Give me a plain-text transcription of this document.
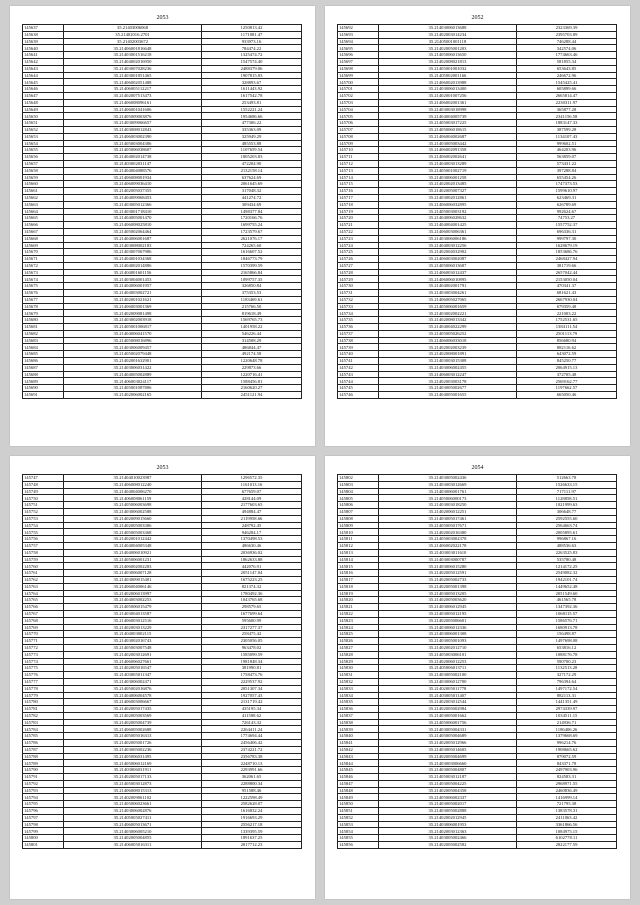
2053
145637	35.21403006068	1250813.42
145638	35.21402016.2701	1171081.47
145639	35.21402003672	933973.16
145640	35.21406001816648	784474.22
145641	35.21403001516218	1325474.72
145642	35.21404002016950	1547574.40
145643	35.21403007028236	2488379.06
145644	35.21403001851465	1907815.83
145645	35.21406002051488	328893.67
145646	35.21406005112217	1611443.92
145647	35.21402007513473	1617542.78
145648	35.21406008096161	253493.81
145649	35.21406001041606	1552221.24
145650	35.21405009003876	1954686.66
145651	35.21403009066657	477306.22
145652	35.21403008012843	335363.09
145653	35.21406003002390	325949.29
145654	35.21405003004306	485553.88
145655	35.21405006038607	1107659.54
145656	35.21404002014738	1805203.83
145657	35.21403002031147	472204.90
145658	35.21404004088576	2132158.14
145659	35.21406008001934	637624.69
145660	35.21406009036410	2061645.69
145661	35.21402005037355	317048.32
145662	35.21404009068453	441274.72
145663	35.21403005012366	309434.69
145664	35.21403001718410	1498377.84
145665	35.21404005001470	1720166.76
145666	35.21406008025810	1699755.24
145667	35.21405002064464	1723579.67
145668	35.21404006001687	2621076.17
145669	35.21403008002183	724265.60
145670	35.21403007067986	1616607.52
145671	35.21404001034368	1846773.79
145672	35.21404002014886	1570399.59
145673	35.21404001601156	2165866.84
145674	35.21403004001453	1099757.35
145675	35.21404006001957	326850.84
145676	35.21404003002721	375353.53
145677	35.21402001021621	1183469.61
145678	35.21406003001369	215766.50
145679	35.21402009081498	819618.49
145680	35.21403002003918	1569765.73
145681	35.21405001006817	1401958.22
145682	35.21404006041570	546226.44
145683	35.21405008016896	314508.29
145684	35.21403006009457	486844.47
145685	35.21405002079448	492174.58
145686	35.21402001632901	1220648.78
145687	35.21403006031422	229873.66
145688	35.21404005002889	1220716.41
145689	35.21406003024117	1588456.81
145690	35.21405001087806	2160620.27
145691	35.21402006002165	2451121.94
2052
145692	35.21403006013688	2323369.39
145693	35.21402003014234	2395703.89
145694	35.21405001001118	746288.44
145695	35.21402005001203	342574.06
145696	35.21405006013650	1774663.46
145697	35.21402008021813	581855.34
145698	35.21405001001032	653643.85
145699	35.21405002001166	246672.96
145700	35.21406002013988	1545425.41
145701	35.21403006013400	605899.66
145702	35.21402001007256	2665814.47
145703	35.21406002001361	2230311.97
145704	35.21403003018998	365877.28
145705	35.21404004005739	2341156.58
145706	35.21405003017225	1883147.33
145707	35.21405006018615	387599.28
145708	35.21406004002687	1134107.43
145709	35.21403005003442	999602.51
145710	35.21406002091358	464203.96
145711	35.21406002002641	563859.07
145712	35.21404003013289	573431.22
145713	35.21405001002719	397288.84
145714	35.21403006001258	655454.26
145715	35.21402002013485	1747373.53
145716	35.21402005007327	1599610.97
145717	35.21403002012861	623469.31
145718	35.21406006032895	626789.69
145719	35.21405003003192	992624.67
145720	35.21404006028632	74753.27
145721	35.21404004001425	1557752.37
145722	35.21406003006361	696336.31
145723	35.21403006006186	999797.30
145724	35.21404003012256	1628679.19
145725	35.21402004032902	1853686.76
145726	35.21406003002087	2468427.94
145727	35.21405006013687	381719.66
145728	35.21406003012437	2657042.44
145729	35.21406006010895	2153050.04
145730	35.21404002001791	470341.37
145731	35.21403003004261	681621.43
145732	35.21406005027065	2667930.04
145733	35.21405006001659	679359.48
145734	35.21403002002221	221003.22
145735	35.21402008013342	1752531.65
145736	35.21404004022299	1384111.54
145737	35.21405005026252	2501113.79
145738	35.21406006033018	856680.94
145739	35.21402002003239	882116.62
145740	35.21402008001891	643072.59
145741	35.21403003015308	845250.77
145742	35.21403006002455	2064915.13
145743	35.21406003012247	372705.48
145744	35.21402003003178	2569162.77
145745	35.21403005002677	1197662.57
145746	35.21404005001655	665050.46
2053
145747	35.21404010023987	1296572.35
145748	35.21406008012240	1161013.16
145749	35.21404004006270	677659.07
145750	35.21406008061159	428144.09
145751	35.21405006003698	2177603.65
145752	35.21403006002588	494884.47
145753	35.21402009015660	2119958.66
145754	35.21402005003386	248792.45
145755	35.21405005003368	946284.17
145756	35.21402001012442	1370498.53
145757	35.21404004005348	486630.46
145758	35.21404006010921	2036936.02
145759	35.21405006001231	1862633.88
145760	35.21406002002283	442076.91
145761	35.21403006007128	2051147.04
145762	35.21403009015401	1675223.25
145763	35.21406004006146	821374.32
145764	35.21402006013997	1780492.36
145765	35.21404003002253	1043765.68
145766	35.21405006015479	298579.65
145767	35.21403004013587	1677699.64
145768	35.21406003012516	595600.99
145769	35.21402003013229	2317277.37
145770	35.21404003002115	258475.42
145771	35.21403002016743	2305056.05
145772	35.21405003007548	963478.02
145773	35.21402003012691	1585099.59
145774	35.21406006027661	1981848.34
145775	35.21402005016547	381990.81
145776	35.21403005011347	1758473.76
145777	35.21403006002471	2229537.92
145778	35.21405002016876	2051307.34
145779	35.21404006004578	1927057.43
145780	35.21406003006667	2131719.42
145781	35.21402005017435	435195.34
145782	35.21402005003569	411588.62
145783	35.21402005004739	726143.32
145784	35.21406005002688	2264411.24
145785	35.21405005016313	1774694.44
145786	35.21402005001726	2456406.42
145787	35.21403005002236	2374221.72
145788	35.21405006031495	2356783.38
145789	35.21405006012169	2248710.13
145790	35.21403006031911	2293991.66
145791	35.21402005017133	362061.65
145792	35.21405003012873	2288800.34
145793	35.21406008015313	951588.46
145794	35.21402009061102	1222598.49
145795	35.21405006023661	2582628.07
145796	35.21403006002876	1616832.24
145797	35.21405005027411	1916693.29
145798	35.21406005013671	2556217.18
145799	35.21403006005210	1339395.59
145800	35.21402005004855	1891637.25
145801	35.21406005016311	2817712.23
2054
145802	35.21403005002436	512663.78
145803	35.21403003012669	1526633.15
145804	35.21403006001761	717111.97
145805	35.21405006000173	1128858.51
145806	35.21403003018250	1021999.63
145807	35.21402006012251	306648.77
145808	35.21403005017461	2592555.60
145809	35.21405005017671	2564663.74
145810	35.21402002016380	2005895.61
145811	35.21405003002378	996867.16
145812	35.21406002022178	488536.63
145813	35.21403003011610	2263525.83
145814	35.21403003000787	535780.48
145815	35.21403006015280	1214172.25
145816	35.21402005012591	2549082.32
145817	35.21402005002733	1942101.74
145818	35.21402005001398	1449652.48
145819	35.21403005013205	2051549.60
145820	35.21402005003620	461565.78
145821	35.21403006012945	1347392.36
145822	35.21403005012195	1068115.57
145823	35.21402005006601	1586576.71
145824	35.21403006012336	1680913.78
145825	35.21403006001308	156498.87
145826	35.21403005001093	1497698.08
145827	35.21402002012710	653816.12
145828	35.21405003006101	1088176.78
145829	35.21402006012253	590700.23
145830	35.21405006013711	1132513.28
145831	35.21403005002100	327172.29
145832	35.21403006012700	796394.64
145833	35.21402005011778	1497172.54
145834	35.21403005011407	882113.31
145835	35.21402003012544	1441351.49
145836	35.21402005002984	2974339.97
145837	35.21403005001662	1034511.15
145838	35.21405006001756	214936.71
145839	35.21403005004331	1186406.26
145840	35.21405005004689	1379668.69
145841	35.21402005012966	996214.76
145842	35.21403005014605	1908665.62
145843	35.21402005004699	879072.59
145844	35.21403003006660	843371.78
145845	35.21403005004807	2497903.96
145846	35.21405003012187	824583.31
145847	35.21403005004225	2968971.55
145848	35.21402005004358	2460836.49
145849	35.21405006002337	1416999.14
145850	35.21403005002017	721795.38
145851	35.21403005002888	1383578.31
145852	35.21402002012945	2411063.42
145853	35.21403006001953	3361866.56
145854	35.21402003012363	1084975.15
145855	35.21403005002466	6102778.11
145856	35.21402005002582	2822177.59
